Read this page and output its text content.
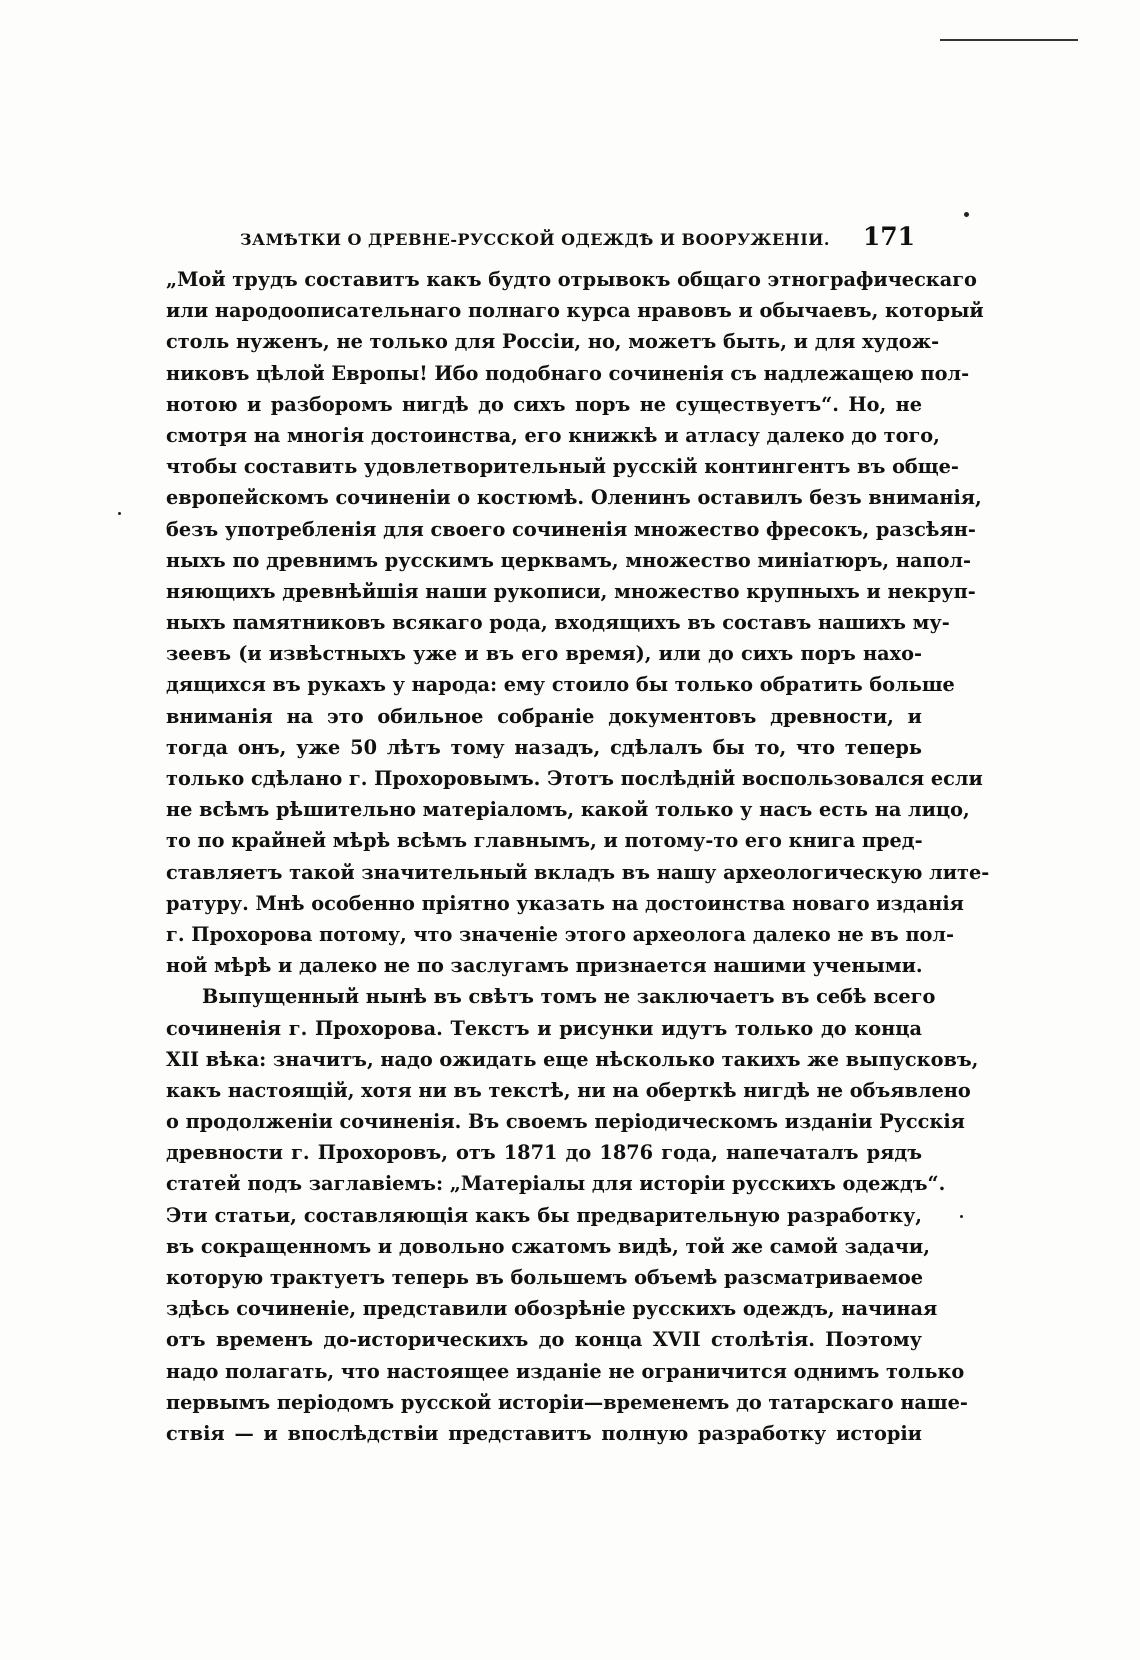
ЗАМѢТКИ О ДРЕВНЕ-РУССКОЙ ОДЕЖДѢ И ВООРУЖЕНІИ. 171
„Мой трудъ составитъ какъ будто отрывокъ общаго этнографическаго
или народоописательнаго полнаго курса нравовъ и обычаевъ, который
столь нуженъ, не только для Россіи, но, можетъ быть, и для худож-
никовъ цѣлой Европы! Ибо подобнаго сочиненія съ надлежащею пол-
нотою и разборомъ нигдѣ до сихъ поръ не существуетъ“. Но, не
смотря на многія достоинства, его книжкѣ и атласу далеко до того,
чтобы составить удовлетворительный русскій контингентъ въ обще-
европейскомъ сочиненіи о костюмѣ. Оленинъ оставилъ безъ вниманія,
безъ употребленія для своего сочиненія множество фресокъ, разсѣян-
ныхъ по древнимъ русскимъ церквамъ, множество миніатюръ, напол-
няющихъ древнѣйшія наши рукописи, множество крупныхъ и некруп-
ныхъ памятниковъ всякаго рода, входящихъ въ составъ нашихъ му-
зеевъ (и извѣстныхъ уже и въ его время), или до сихъ поръ нахо-
дящихся въ рукахъ у народа: ему стоило бы только обратить больше
вниманія на это обильное собраніе документовъ древности, и
тогда онъ, уже 50 лѣтъ тому назадъ, сдѣлалъ бы то, что теперь
только сдѣлано г. Прохоровымъ. Этотъ послѣдній воспользовался если
не всѣмъ рѣшительно матеріаломъ, какой только у насъ есть на лицо,
то по крайней мѣрѣ всѣмъ главнымъ, и потому-то его книга пред-
ставляетъ такой значительный вкладъ въ нашу археологическую лите-
ратуру. Мнѣ особенно пріятно указать на достоинства новаго изданія
г. Прохорова потому, что значеніе этого археолога далеко не въ пол-
ной мѣрѣ и далеко не по заслугамъ признается нашими учеными.
Выпущенный нынѣ въ свѣтъ томъ не заключаетъ въ себѣ всего
сочиненія г. Прохорова. Текстъ и рисунки идутъ только до конца
XII вѣка: значитъ, надо ожидать еще нѣсколько такихъ же выпусковъ,
какъ настоящій, хотя ни въ текстѣ, ни на оберткѣ нигдѣ не объявлено
о продолженіи сочиненія. Въ своемъ періодическомъ изданіи Русскія
древности г. Прохоровъ, отъ 1871 до 1876 года, напечаталъ рядъ
статей подъ заглавіемъ: „Матеріалы для исторіи русскихъ одеждъ“.
Эти статьи, составляющія какъ бы предварительную разработку,
въ сокращенномъ и довольно сжатомъ видѣ, той же самой задачи,
которую трактуетъ теперь въ большемъ объемѣ разсматриваемое
здѣсь сочиненіе, представили обозрѣніе русскихъ одеждъ, начиная
отъ временъ до-историческихъ до конца XVII столѣтія. Поэтому
надо полагать, что настоящее изданіе не ограничится однимъ только
первымъ періодомъ русской исторіи—временемъ до татарскаго наше-
ствія — и впослѣдствіи представитъ полную разработку исторіи
